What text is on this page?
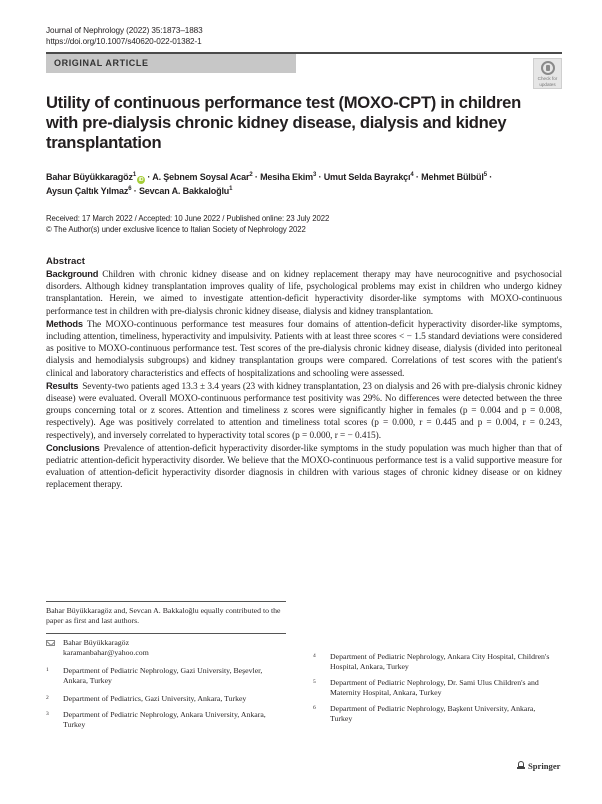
Journal of Nephrology (2022) 35:1873–1883
https://doi.org/10.1007/s40620-022-01382-1
ORIGINAL ARTICLE
Check for
updates
Utility of continuous performance test (MOXO-CPT) in children with pre-dialysis chronic kidney disease, dialysis and kidney transplantation
Bahar Büyükkaragöz$^1$iD · A. Şebnem Soysal Acar$^2$ · Mesiha Ekim$^3$ · Umut Selda Bayrakçı$^4$ · Mehmet Bülbül$^5$ ·
Aysun Çaltık Yılmaz$^6$ · Sevcan A. Bakkaloğlu$^1$
Received: 17 March 2022 / Accepted: 10 June 2022 / Published online: 23 July 2022
© The Author(s) under exclusive licence to Italian Society of Nephrology 2022
Abstract

Background Children with chronic kidney disease and on kidney replacement therapy may have neurocognitive and psychosocial disorders. Although kidney transplantation improves quality of life, psychological problems may exist in children who undergo kidney transplantation. Herein, we aimed to investigate attention-deficit hyperactivity disorder-like symptoms with MOXO-continuous performance test in children with pre-dialysis chronic kidney disease, dialysis and kidney transplantation.

Methods The MOXO-continuous performance test measures four domains of attention-deficit hyperactivity disorder-like symptoms, including attention, timeliness, hyperactivity and impulsivity. Patients with at least three scores < − 1.5 standard deviations were considered as positive to MOXO-continuous performance test. Test scores of the pre-dialysis chronic kidney disease, dialysis (divided into peritoneal dialysis and hemodialysis subgroups) and kidney transplantation groups were compared. Correlations of test scores with the patient's clinical and laboratory characteristics and effects of hospitalizations and schooling were assessed.

Results Seventy-two patients aged 13.3 ± 3.4 years (23 with kidney transplantation, 23 on dialysis and 26 with pre-dialysis chronic kidney disease) were evaluated. Overall MOXO-continuous performance test positivity was 29%. No differences were detected between the three groups concerning total or z scores. Attention and timeliness z scores were significantly higher in females (p = 0.004 and p = 0.008, respectively). Age was positively correlated to attention and timeliness total scores (p = 0.000, r = 0.445 and p = 0.004, r = 0.243, respectively), and inversely correlated to hyperactivity total scores (p = 0.000, r = − 0.415).

Conclusions Prevalence of attention-deficit hyperactivity disorder-like symptoms in the study population was much higher than that of pediatric attention-deficit hyperactivity disorder. We believe that the MOXO-continuous performance test is a valid supportive measure for evaluation of attention-deficit hyperactivity disorder diagnosis in children with various stages of chronic kidney disease or on kidney replacement therapy.

Bahar Büyükkaragöz and, Sevcan A. Bakkaloğlu equally contributed to the paper as first and last authors.
Bahar Büyükkaragöz
karamanbahar@yahoo.com
1 Department of Pediatric Nephrology, Gazi University, Beşevler, Ankara, Turkey
2 Department of Pediatrics, Gazi University, Ankara, Turkey
3 Department of Pediatric Nephrology, Ankara University, Ankara, Turkey
4 Department of Pediatric Nephrology, Ankara City Hospital, Children's Hospital, Ankara, Turkey
5 Department of Pediatric Nephrology, Dr. Sami Ulus Children's and Maternity Hospital, Ankara, Turkey
6 Department of Pediatric Nephrology, Başkent University, Ankara, Turkey
Springer
